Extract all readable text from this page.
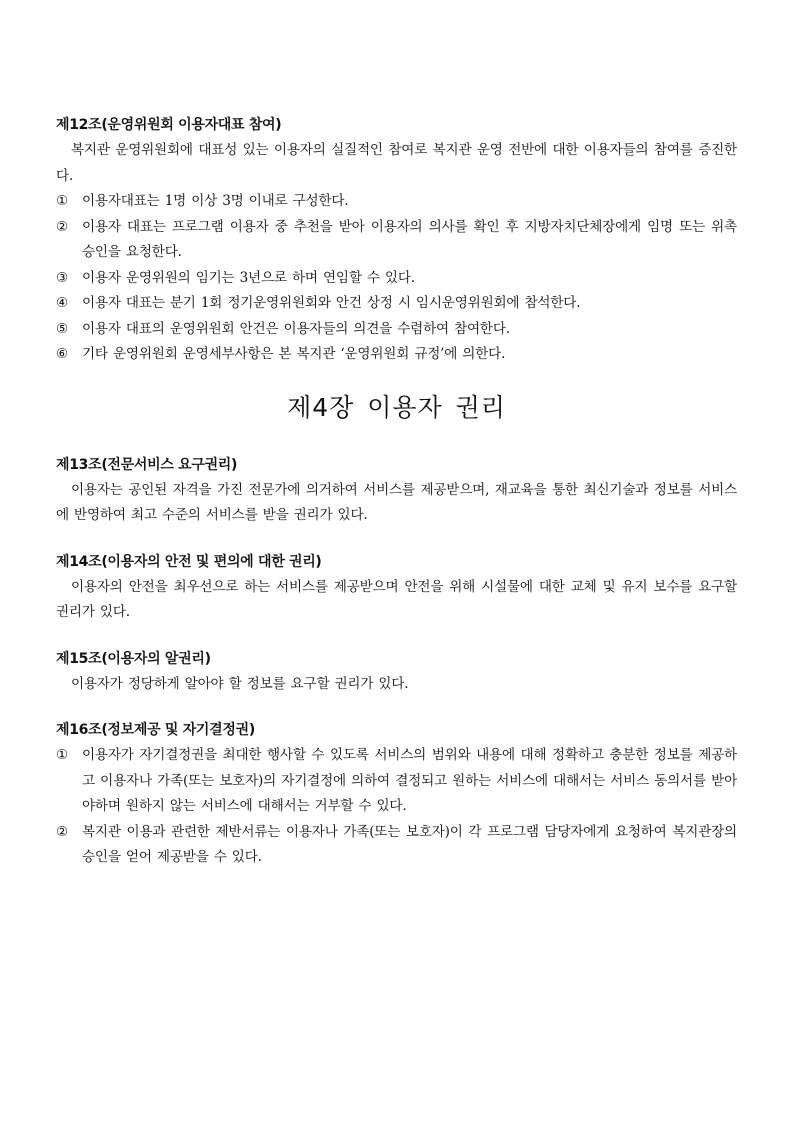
제12조(운영위원회 이용자대표 참여)

복지관 운영위원회에 대표성 있는 이용자의 실질적인 참여로 복지관 운영 전반에 대한 이용자들의 참여를 증진한다.

①	이용자대표는 1명 이상 3명 이내로 구성한다.
②	이용자 대표는 프로그램 이용자 중 추천을 받아 이용자의 의사를 확인 후 지방자치단체장에게 임명 또는 위촉 승인을 요청한다.
③	이용자 운영위원의 임기는 3년으로 하며 연임할 수 있다.
④	이용자 대표는 분기 1회 정기운영위원회와 안건 상정 시 임시운영위원회에 참석한다.
⑤	이용자 대표의 운영위원회 안건은 이용자들의 의견을 수렴하여 참여한다.
⑥	기타 운영위원회 운영세부사항은 본 복지관 ‘운영위원회 규정’에 의한다.
제4장 이용자 권리
제13조(전문서비스 요구권리)

이용자는 공인된 자격을 가진 전문가에 의거하여 서비스를 제공받으며, 재교육을 통한 최신기술과 정보를 서비스에 반영하여 최고 수준의 서비스를 받을 권리가 있다.

제14조(이용자의 안전 및 편의에 대한 권리)

이용자의 안전을 최우선으로 하는 서비스를 제공받으며 안전을 위해 시설물에 대한 교체 및 유지 보수를 요구할 권리가 있다.

제15조(이용자의 알권리)

이용자가 정당하게 알아야 할 정보를 요구할 권리가 있다.

제16조(정보제공 및 자기결정권)
①	이용자가 자기결정권을 최대한 행사할 수 있도록 서비스의 범위와 내용에 대해 정확하고 충분한 정보를 제공하고 이용자나 가족(또는 보호자)의 자기결정에 의하여 결정되고 원하는 서비스에 대해서는 서비스 동의서를 받아야하며 원하지 않는 서비스에 대해서는 거부할 수 있다.
②	복지관 이용과 관련한 제반서류는 이용자나 가족(또는 보호자)이 각 프로그램 담당자에게 요청하여 복지관장의 승인을 얻어 제공받을 수 있다.
